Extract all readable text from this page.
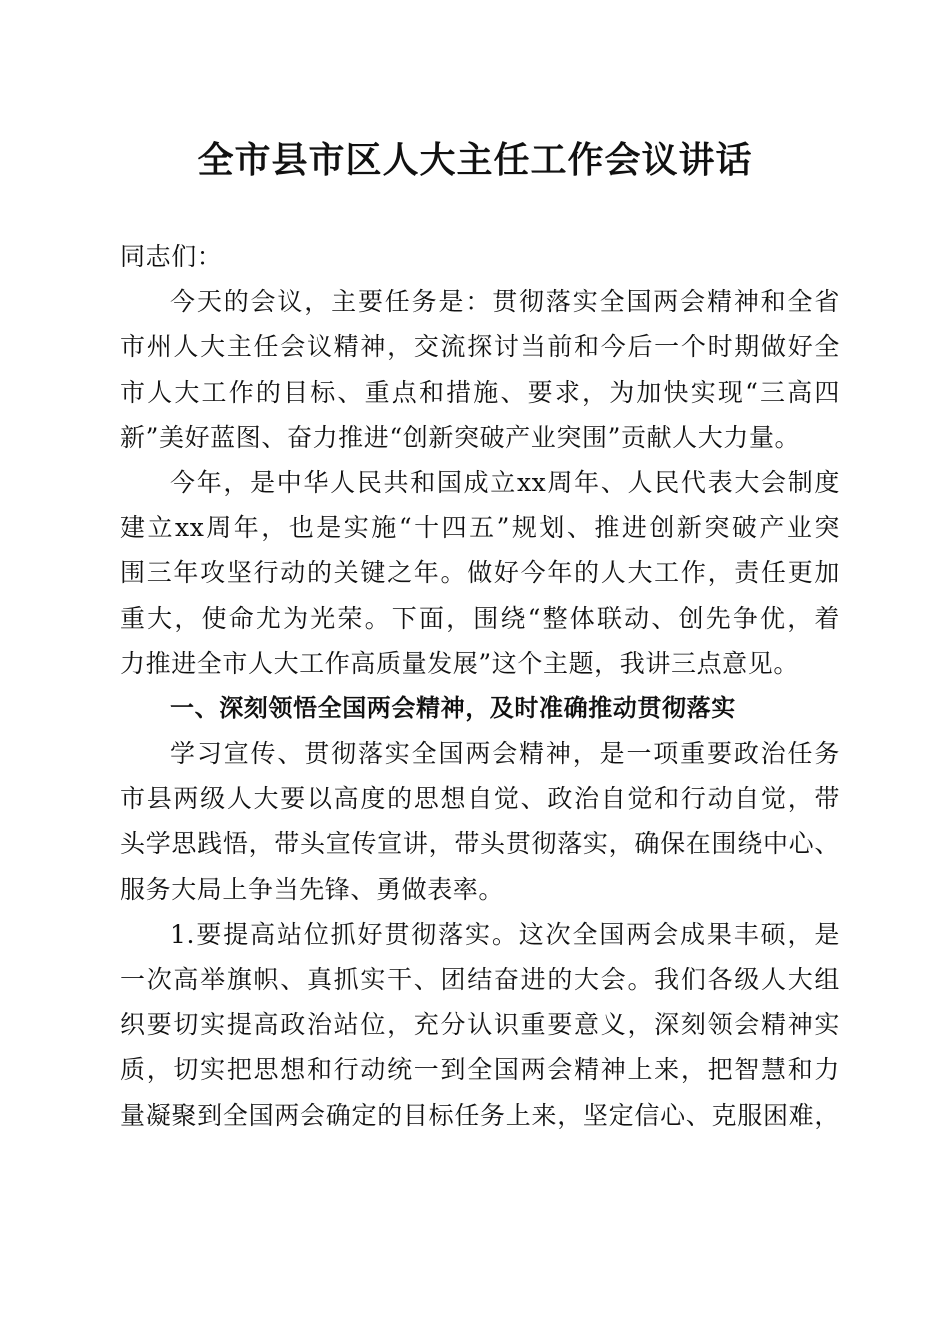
全市县市区人大主任工作会议讲话
同志们：
今天的会议，主要任务是：贯彻落实全国两会精神和全省
市州人大主任会议精神，交流探讨当前和今后一个时期做好全
市人大工作的目标、重点和措施、要求，为加快实现“三高四
新”美好蓝图、奋力推进“创新突破产业突围”贡献人大力量。
今年，是中华人民共和国成立xx周年、人民代表大会制度
建立xx周年，也是实施“十四五”规划、推进创新突破产业突
围三年攻坚行动的关键之年。做好今年的人大工作，责任更加
重大，使命尤为光荣。下面，围绕“整体联动、创先争优，着
力推进全市人大工作高质量发展”这个主题，我讲三点意见。
一、深刻领悟全国两会精神，及时准确推动贯彻落实
学习宣传、贯彻落实全国两会精神，是一项重要政治任务
市县两级人大要以高度的思想自觉、政治自觉和行动自觉，带
头学思践悟，带头宣传宣讲，带头贯彻落实，确保在围绕中心、
服务大局上争当先锋、勇做表率。
1.要提高站位抓好贯彻落实。这次全国两会成果丰硕，是
一次高举旗帜、真抓实干、团结奋进的大会。我们各级人大组
织要切实提高政治站位，充分认识重要意义，深刻领会精神实
质，切实把思想和行动统一到全国两会精神上来，把智慧和力
量凝聚到全国两会确定的目标任务上来，坚定信心、克服困难，
